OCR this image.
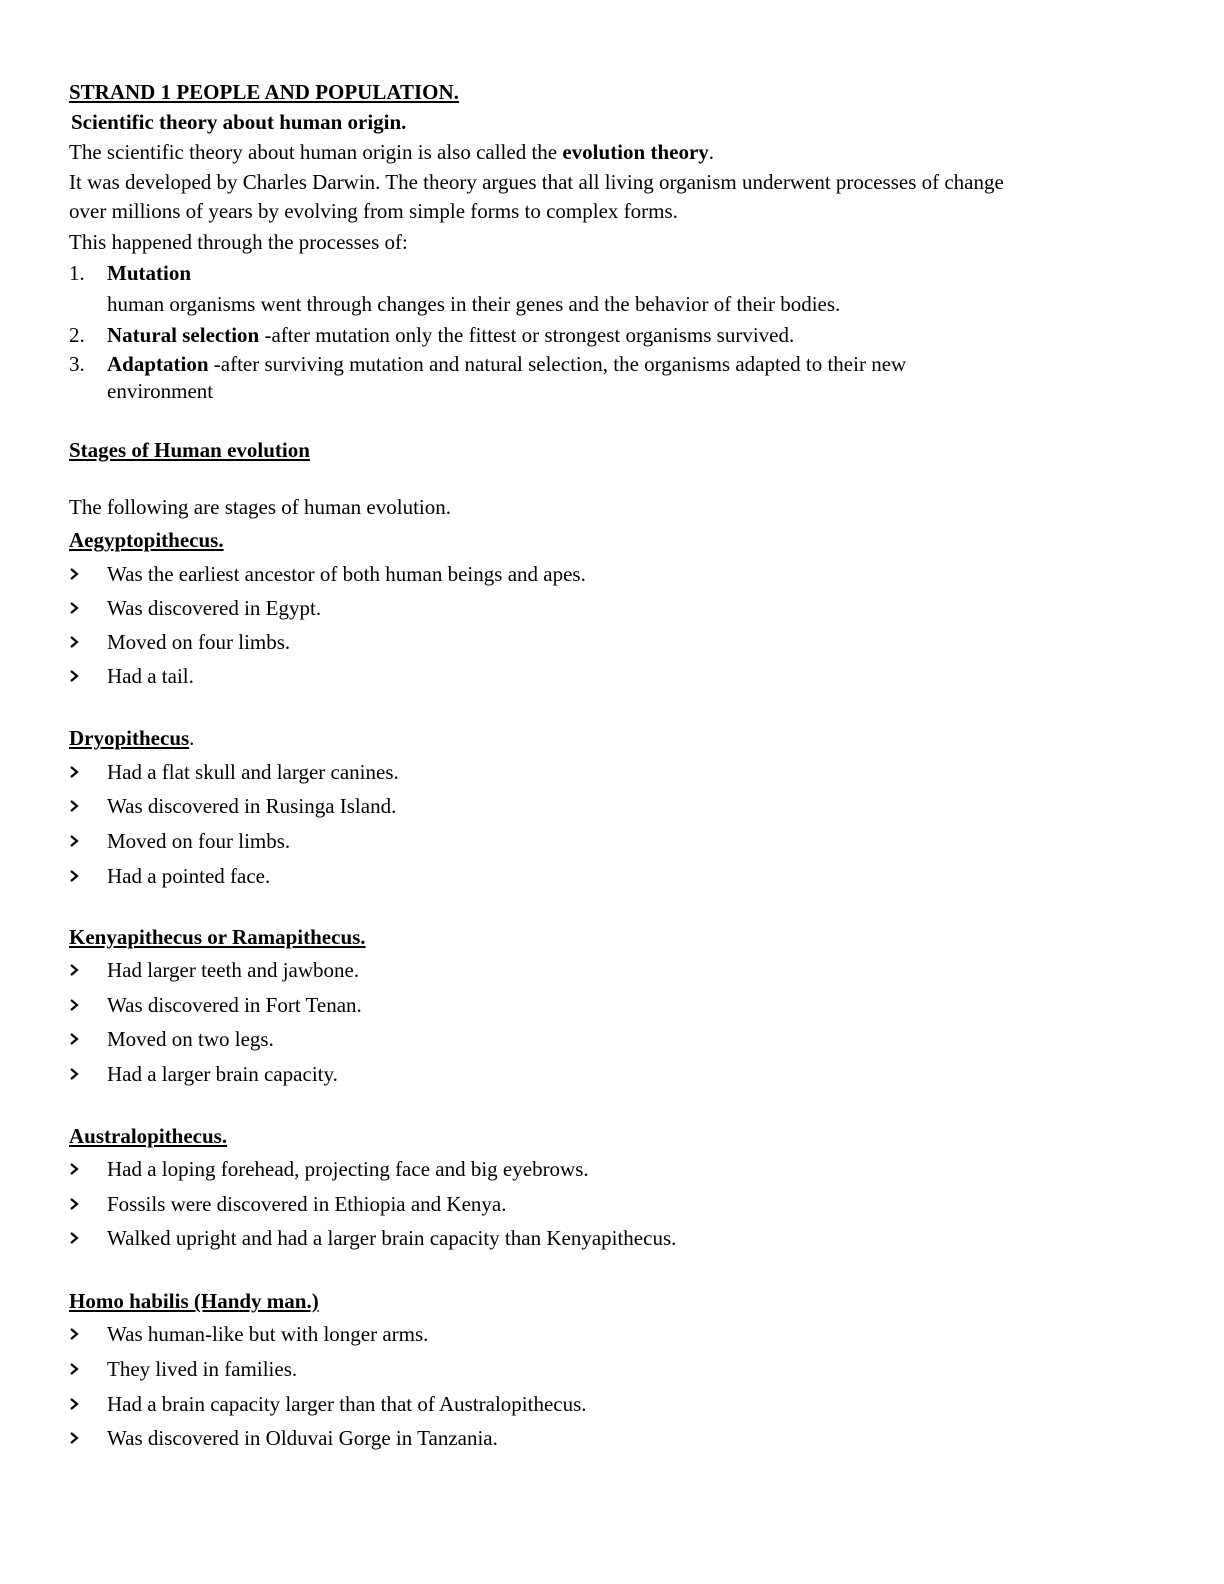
STRAND 1 PEOPLE AND POPULATION.
Scientific theory about human origin.
The scientific theory about human origin is also called the evolution theory.
It was developed by Charles Darwin. The theory argues that all living organism underwent processes of change
over millions of years by evolving from simple forms to complex forms.
This happened through the processes of:
1. Mutation
human organisms went through changes in their genes and the behavior of their bodies.
2. Natural selection -after mutation only the fittest or strongest organisms survived.
3. Adaptation -after surviving mutation and natural selection, the organisms adapted to their new
environment
Stages of Human evolution
The following are stages of human evolution.
Aegyptopithecus.
Was the earliest ancestor of both human beings and apes.
Was discovered in Egypt.
Moved on four limbs.
Had a tail.
Dryopithecus.
Had a flat skull and larger canines.
Was discovered in Rusinga Island.
Moved on four limbs.
Had a pointed face.
Kenyapithecus or Ramapithecus.
Had larger teeth and jawbone.
Was discovered in Fort Tenan.
Moved on two legs.
Had a larger brain capacity.
Australopithecus.
Had a loping forehead, projecting face and big eyebrows.
Fossils were discovered in Ethiopia and Kenya.
Walked upright and had a larger brain capacity than Kenyapithecus.
Homo habilis (Handy man.)
Was human-like but with longer arms.
They lived in families.
Had a brain capacity larger than that of Australopithecus.
Was discovered in Olduvai Gorge in Tanzania.
